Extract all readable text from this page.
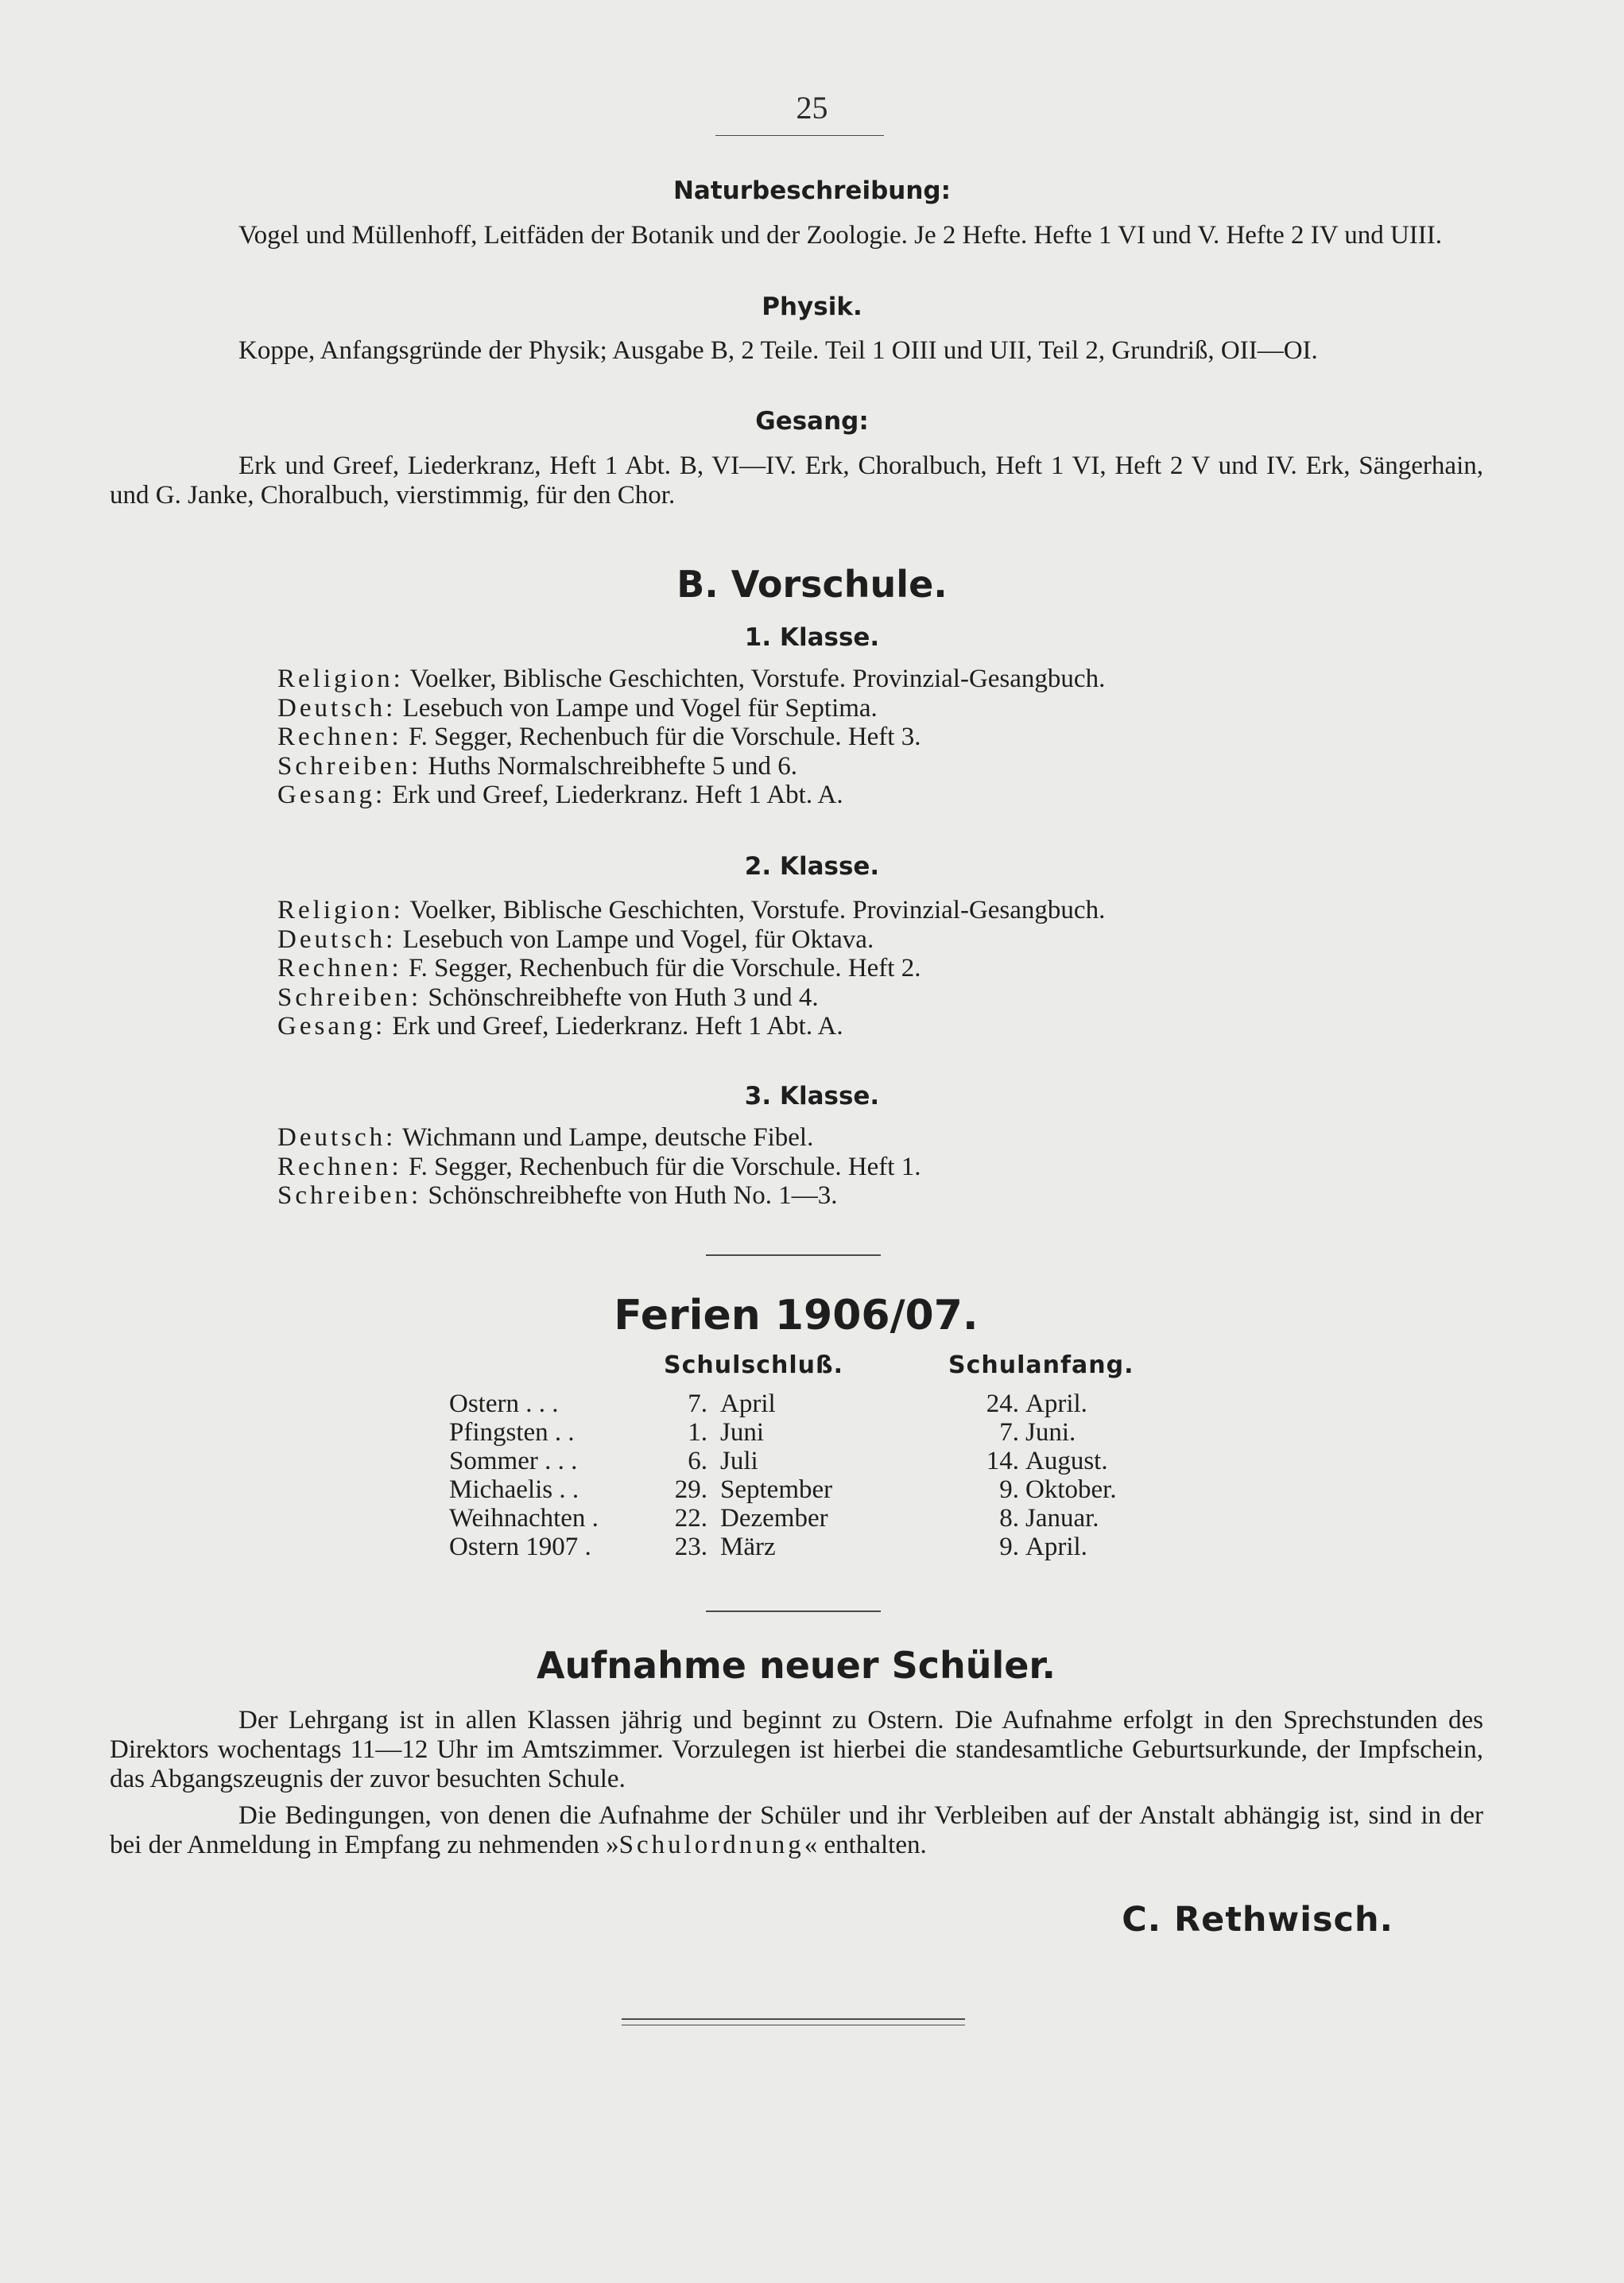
25
Naturbeschreibung:
Vogel und Müllenhoff, Leitfäden der Botanik und der Zoologie. Je 2 Hefte. Hefte 1 VI und V. Hefte 2 IV und UIII.
Physik.
Koppe, Anfangsgründe der Physik; Ausgabe B, 2 Teile. Teil 1 OIII und UII, Teil 2, Grundriß, OII—OI.
Gesang:
Erk und Greef, Liederkranz, Heft 1 Abt. B, VI—IV. Erk, Choralbuch, Heft 1 VI, Heft 2 V und IV. Erk, Sängerhain, und G. Janke, Choralbuch, vierstimmig, für den Chor.
B. Vorschule.
1. Klasse.
Religion: Voelker, Biblische Geschichten, Vorstufe. Provinzial-Gesangbuch.
Deutsch: Lesebuch von Lampe und Vogel für Septima.
Rechnen: F. Segger, Rechenbuch für die Vorschule. Heft 3.
Schreiben: Huths Normalschreibhefte 5 und 6.
Gesang: Erk und Greef, Liederkranz. Heft 1 Abt. A.
2. Klasse.
Religion: Voelker, Biblische Geschichten, Vorstufe. Provinzial-Gesangbuch.
Deutsch: Lesebuch von Lampe und Vogel, für Oktava.
Rechnen: F. Segger, Rechenbuch für die Vorschule. Heft 2.
Schreiben: Schönschreibhefte von Huth 3 und 4.
Gesang: Erk und Greef, Liederkranz. Heft 1 Abt. A.
3. Klasse.
Deutsch: Wichmann und Lampe, deutsche Fibel.
Rechnen: F. Segger, Rechenbuch für die Vorschule. Heft 1.
Schreiben: Schönschreibhefte von Huth No. 1—3.
Ferien 1906/07.
Schulschluß.	Schulanfang.
Ostern . . .	7. April	24. April.
Pfingsten . .	1. Juni	7. Juni.
Sommer . . .	6. Juli	14. August.
Michaelis . .	29. September	9. Oktober.
Weihnachten .	22. Dezember	8. Januar.
Ostern 1907 .	23. März	9. April.
Aufnahme neuer Schüler.
Der Lehrgang ist in allen Klassen jährig und beginnt zu Ostern. Die Aufnahme erfolgt in den Sprechstunden des Direktors wochentags 11—12 Uhr im Amtszimmer. Vorzulegen ist hierbei die standesamtliche Geburtsurkunde, der Impfschein, das Abgangszeugnis der zuvor besuchten Schule.
Die Bedingungen, von denen die Aufnahme der Schüler und ihr Verbleiben auf der Anstalt abhängig ist, sind in der bei der Anmeldung in Empfang zu nehmenden »Schulordnung« enthalten.
C. Rethwisch.
